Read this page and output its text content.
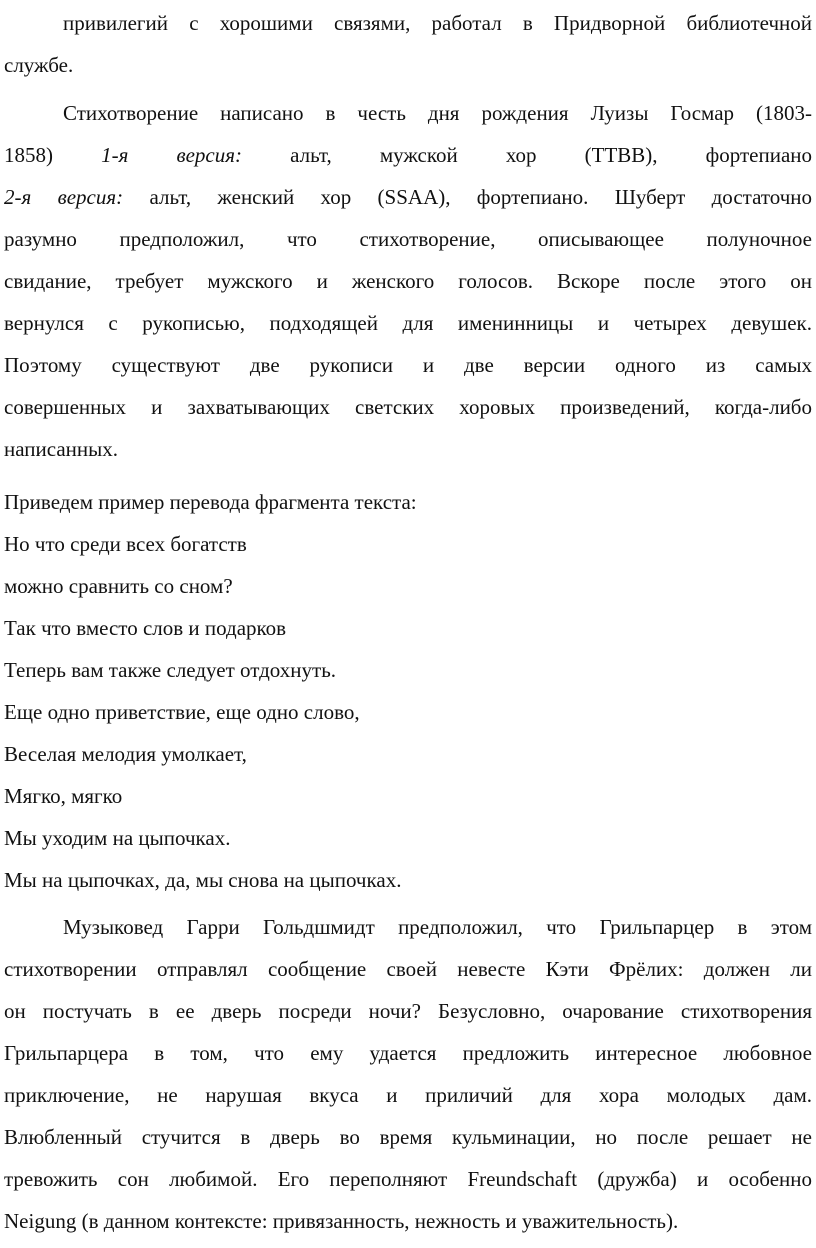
привилегий с хорошими связями, работал в Придворной библиотечной
службе.
Стихотворение написано в честь дня рождения Луизы Госмар (1803-
1858) 1-я версия: альт, мужской хор (TTBB), фортепиано
2-я версия: альт, женский хор (SSAA), фортепиано. Шуберт достаточно
разумно предположил, что стихотворение, описывающее полуночное
свидание, требует мужского и женского голосов. Вскоре после этого он
вернулся с рукописью, подходящей для именинницы и четырех девушек.
Поэтому существуют две рукописи и две версии одного из самых
совершенных и захватывающих светских хоровых произведений, когда-либо
написанных.
Приведем пример перевода фрагмента текста:
Но что среди всех богатств
можно сравнить со сном?
Так что вместо слов и подарков
Теперь вам также следует отдохнуть.
Еще одно приветствие, еще одно слово,
Веселая мелодия умолкает,
Мягко, мягко
Мы уходим на цыпочках.
Мы на цыпочках, да, мы снова на цыпочках.
Музыковед Гарри Гольдшмидт предположил, что Грильпарцер в этом
стихотворении отправлял сообщение своей невесте Кэти Фрёлих: должен ли
он постучать в ее дверь посреди ночи? Безусловно, очарование стихотворения
Грильпарцера в том, что ему удается предложить интересное любовное
приключение, не нарушая вкуса и приличий для хора молодых дам.
Влюбленный стучится в дверь во время кульминации, но после решает не
тревожить сон любимой. Его переполняют Freundschaft (дружба) и особенно
Neigung (в данном контексте: привязанность, нежность и уважительность).
